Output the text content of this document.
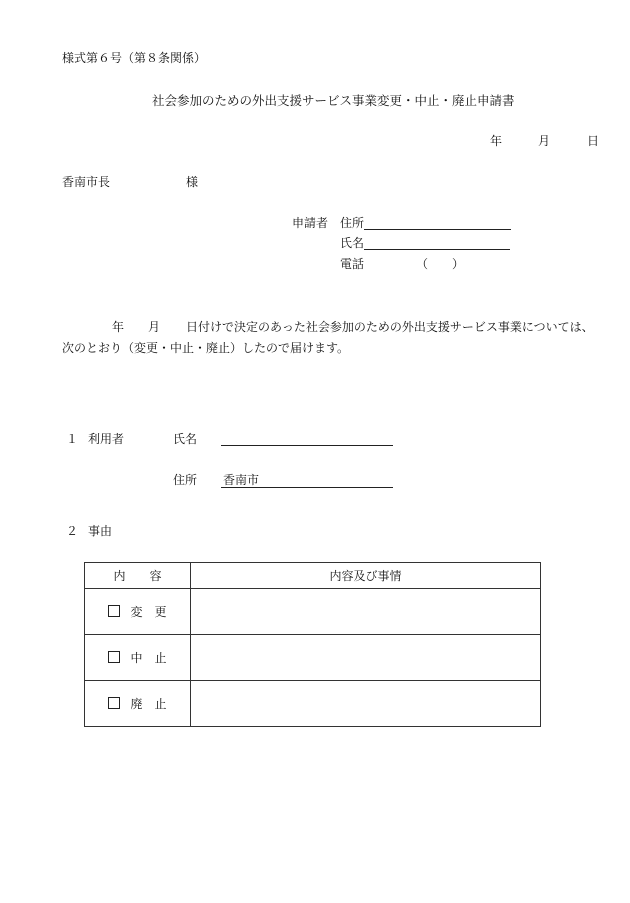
様式第６号（第８条関係）
社会参加のための外出支援サービス事業変更・中止・廃止申請書
年	月	日
香南市長	様
申請者 住所
氏名
電話	（　　）
年 月 日付けで決定のあった社会参加のための外出支援サービス事業については、
次のとおり（変更・中止・廃止）したので届けます。
１ 利用者	氏名
住所 香南市
２ 事由
内　　容	内容及び事情
変　更	
中　止	
廃　止	
